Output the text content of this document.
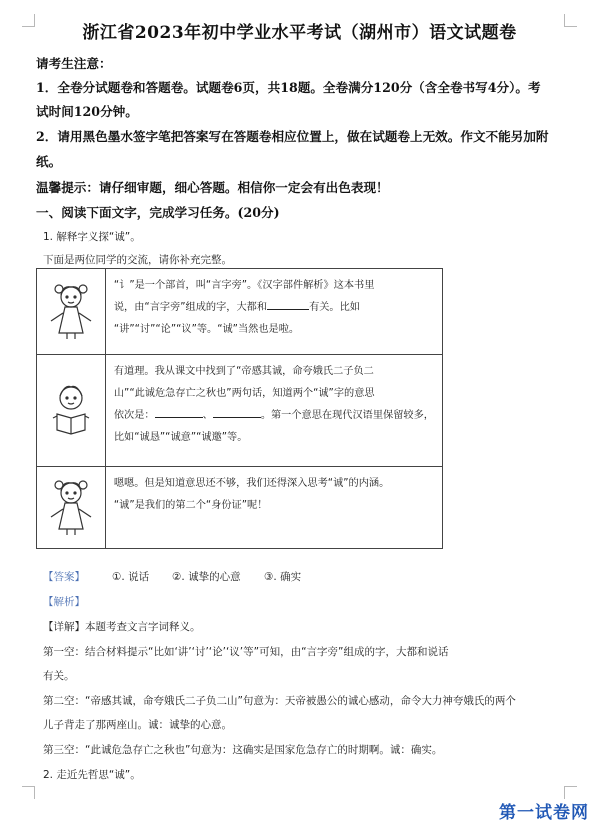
浙江省2023年初中学业水平考试（湖州市）语文试题卷
请考生注意：
1．全卷分试题卷和答题卷。试题卷6页，共18题。全卷满分120分（含全卷书写4分）。考
试时间120分钟。
2．请用黑色墨水签字笔把答案写在答题卷相应位置上，做在试题卷上无效。作文不能另加附
纸。
温馨提示：请仔细审题，细心答题。相信你一定会有出色表现！
一、阅读下面文字，完成学习任务。(20分)
1. 解释字义探“诚”。
下面是两位同学的交流，请你补充完整。

“讠”是一个部首，叫“言字旁”。《汉字部件解析》这本书里
说，由“言字旁”组成的字，大都和 有关。比如
“讲”“讨”“论”“议”等。“诚”当然也是啦。

有道理。我从课文中找到了“帝感其诚，命夸娥氏二子负二
山”“此诚危急存亡之秋也”两句话，知道两个“诚”字的意思
依次是： 、 。第一个意思在现代汉语里保留较多，
比如“诚恳”“诚意”“诚邀”等。

嗯嗯。但是知道意思还不够，我们还得深入思考“诚”的内涵。
“诚”是我们的第二个“身份证”呢！
【答案】	①. 说话 ②. 诚挚的心意 ③. 确实
【解析】
【详解】本题考查文言字词释义。
第一空：结合材料提示“比如‘讲’‘讨’‘论’‘议’等”可知，由“言字旁”组成的字，大都和说话
有关。
第二空：“帝感其诚，命夸娥氏二子负二山”句意为：天帝被愚公的诚心感动，命令大力神夸娥氏的两个
儿子背走了那两座山。诚：诚挚的心意。
第三空：“此诚危急存亡之秋也”句意为：这确实是国家危急存亡的时期啊。诚：确实。
2. 走近先哲思“诚”。
第一试卷网
